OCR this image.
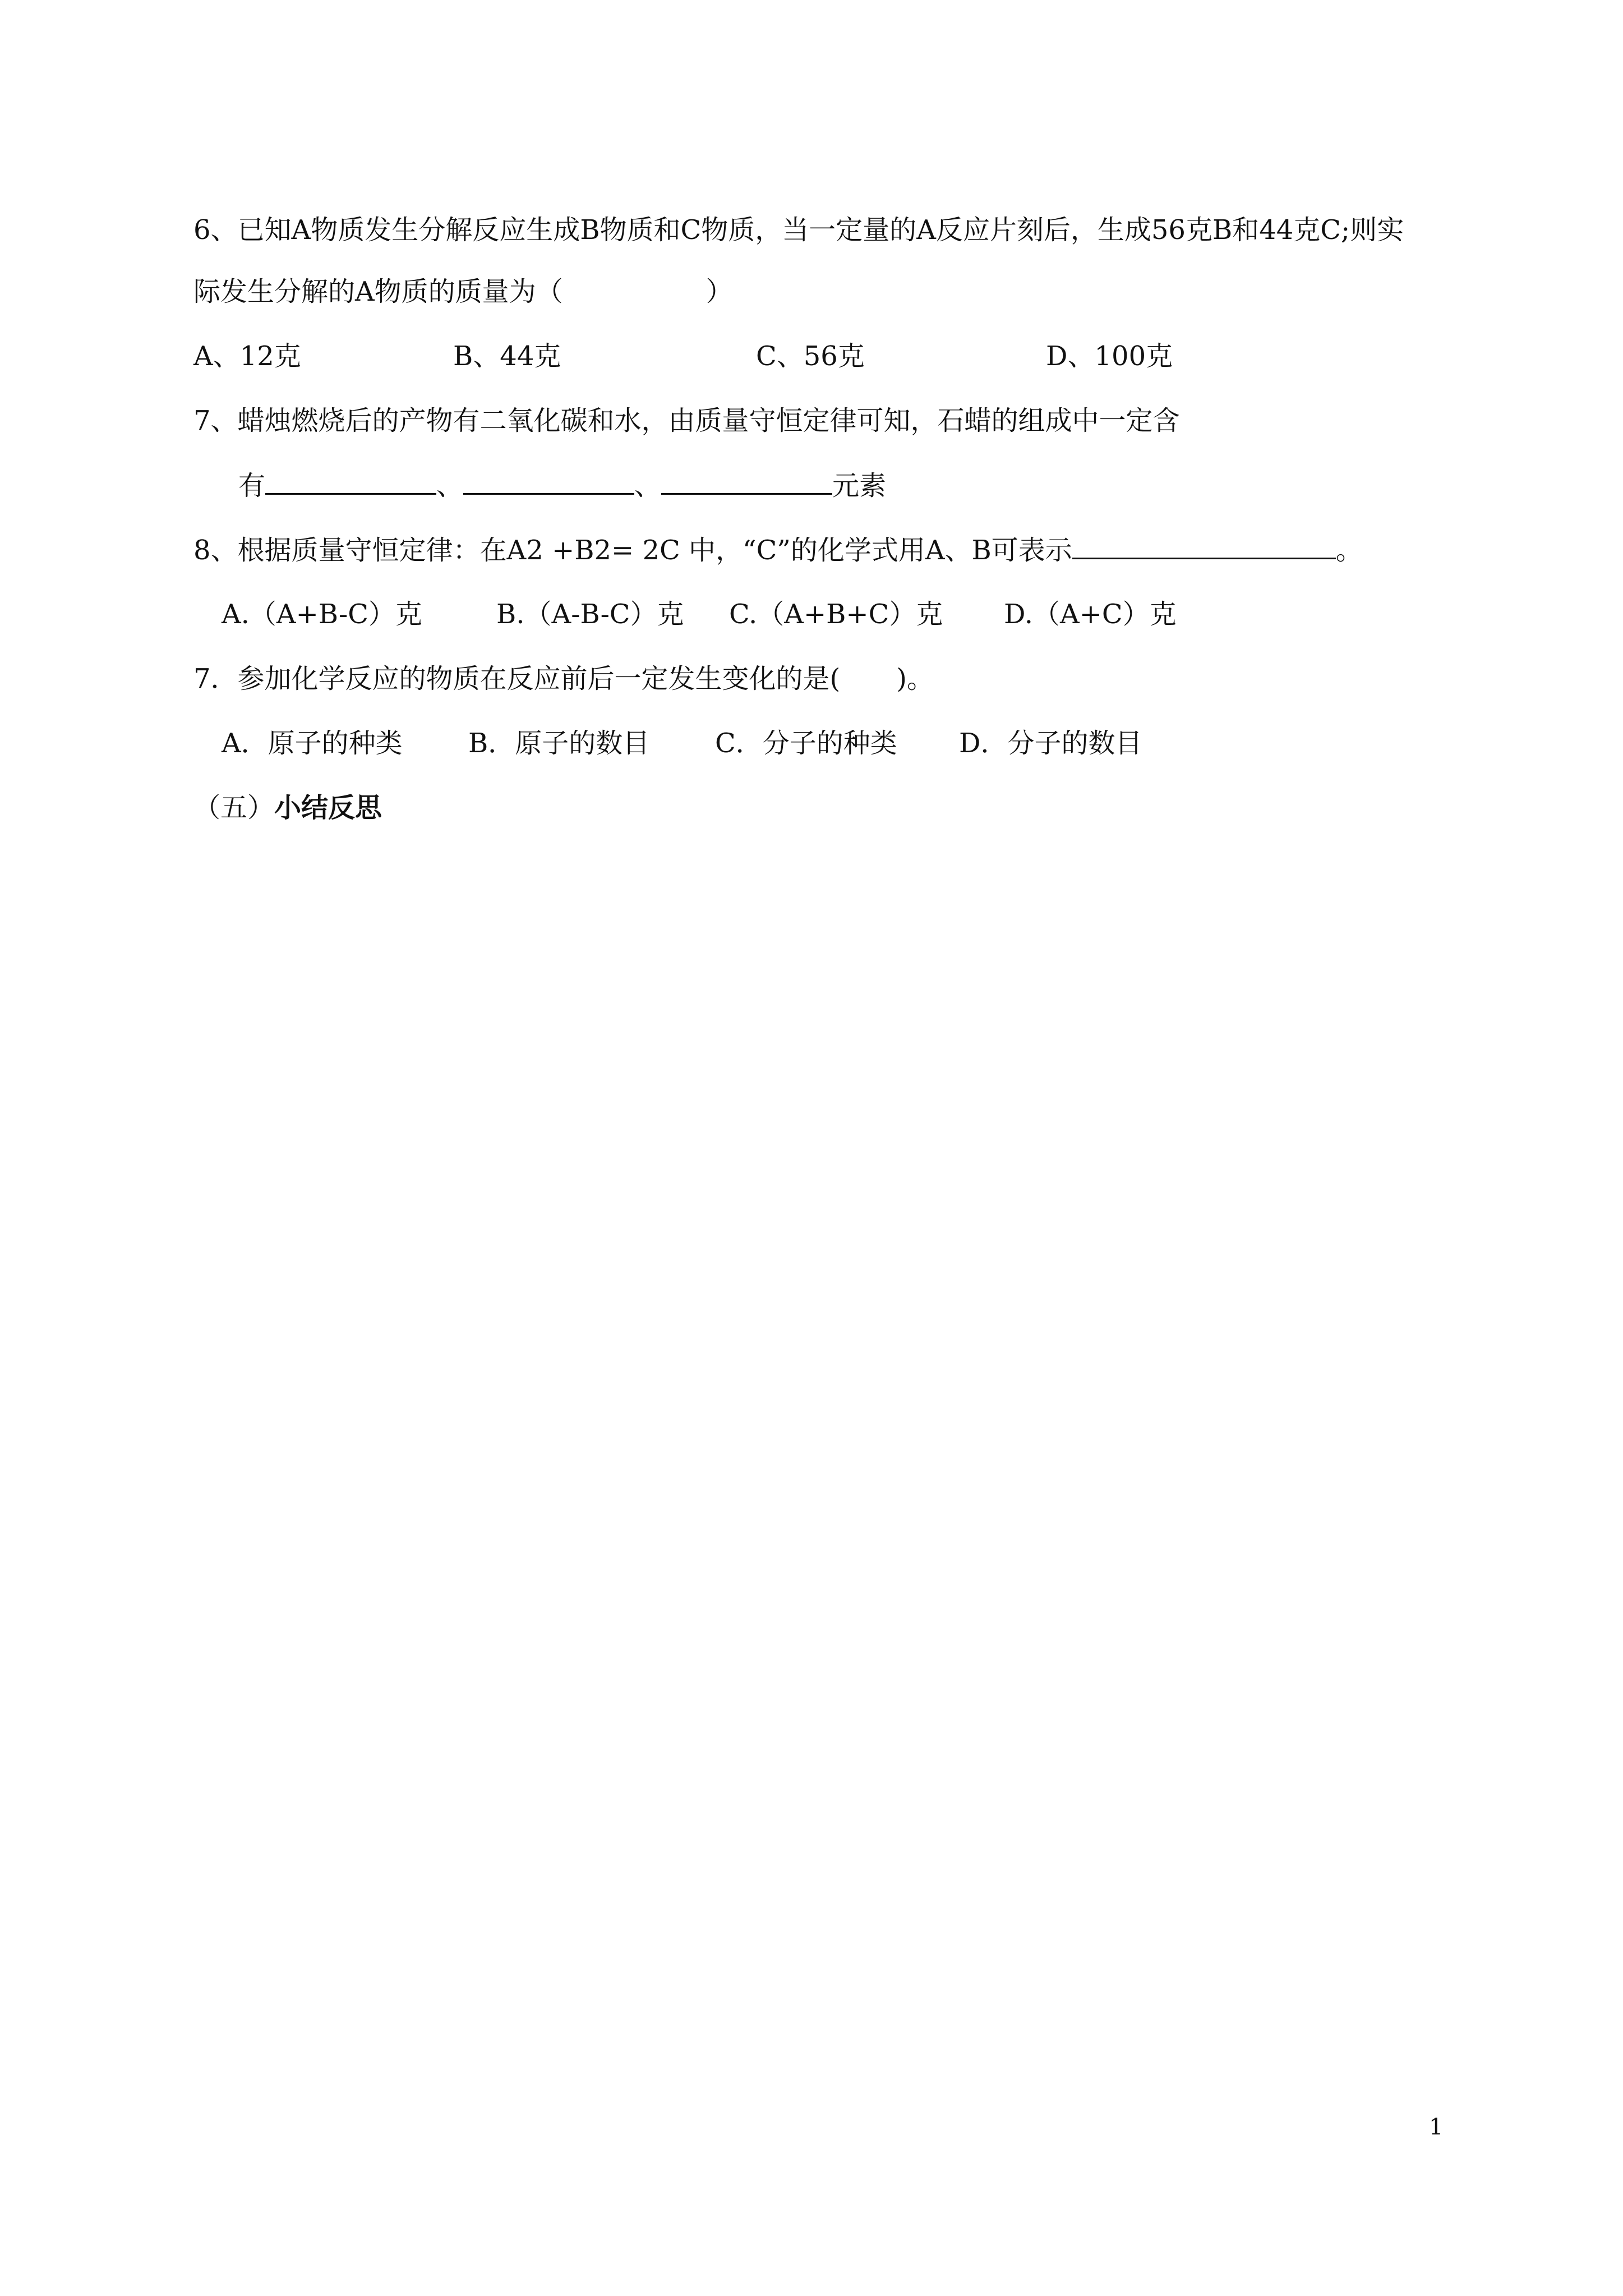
6、已知A物质发生分解反应生成B物质和C物质，当一定量的A反应片刻后，生成56克B和44克C;则实
际发生分解的A物质的质量为（	）
A、12克	B、44克	C、56克	D、100克
7、蜡烛燃烧后的产物有二氧化碳和水，由质量守恒定律可知，石蜡的组成中一定含
有	、	、	元素
8、根据质量守恒定律：在A2 +B2= 2C 中，“C”的化学式用A、B可表示	。
A.（A+B-C）克	B.（A-B-C）克 C.（A+B+C）克 D.（A+C）克
7．参加化学反应的物质在反应前后一定发生变化的是( )。
A．原子的种类 B．原子的数目 C．分子的种类 D．分子的数目
（五）小结反思
1
